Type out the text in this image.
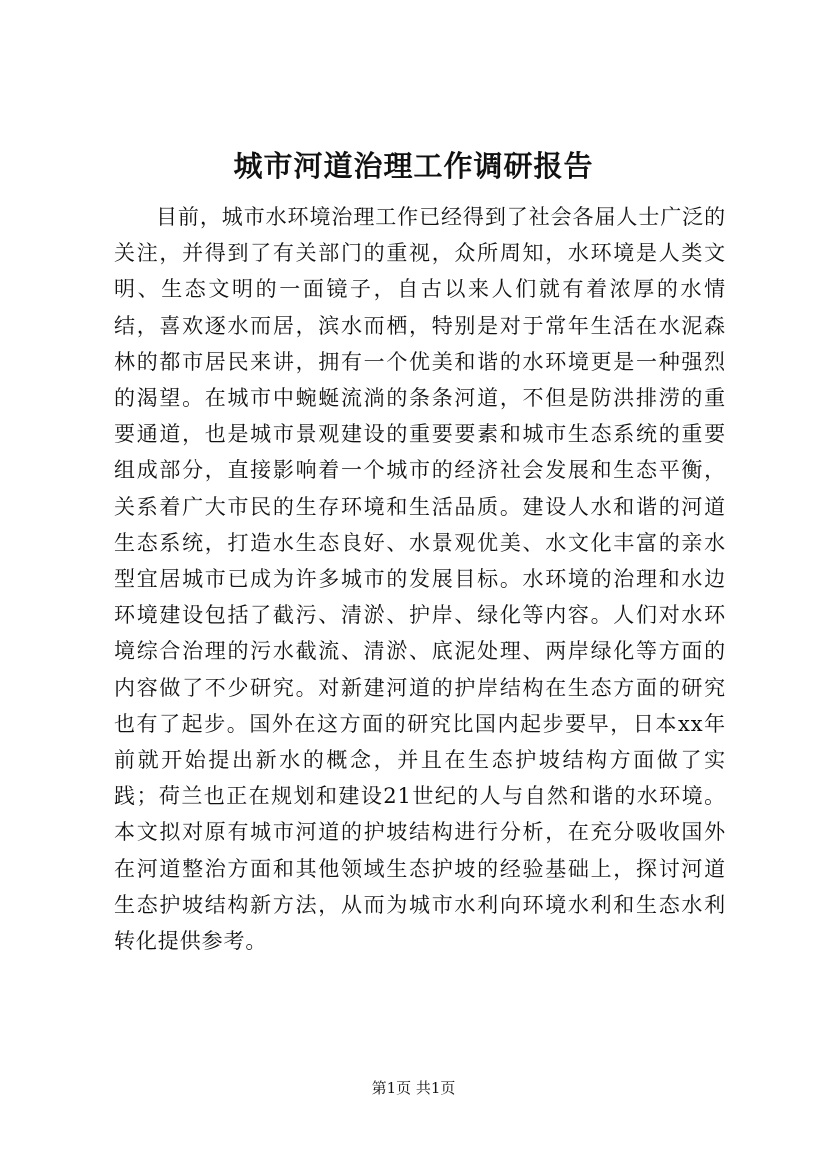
城市河道治理工作调研报告

目前，城市水环境治理工作已经得到了社会各届人士广泛的关注，并得到了有关部门的重视，众所周知，水环境是人类文明、生态文明的一面镜子，自古以来人们就有着浓厚的水情结，喜欢逐水而居，滨水而栖，特别是对于常年生活在水泥森林的都市居民来讲，拥有一个优美和谐的水环境更是一种强烈的渴望。在城市中蜿蜒流淌的条条河道，不但是防洪排涝的重要通道，也是城市景观建设的重要要素和城市生态系统的重要组成部分，直接影响着一个城市的经济社会发展和生态平衡，关系着广大市民的生存环境和生活品质。建设人水和谐的河道生态系统，打造水生态良好、水景观优美、水文化丰富的亲水型宜居城市已成为许多城市的发展目标。水环境的治理和水边环境建设包括了截污、清淤、护岸、绿化等内容。人们对水环境综合治理的污水截流、清淤、底泥处理、两岸绿化等方面的内容做了不少研究。对新建河道的护岸结构在生态方面的研究也有了起步。国外在这方面的研究比国内起步要早，日本xx年前就开始提出新水的概念，并且在生态护坡结构方面做了实践；荷兰也正在规划和建设21世纪的人与自然和谐的水环境。本文拟对原有城市河道的护坡结构进行分析，在充分吸收国外在河道整治方面和其他领域生态护坡的经验基础上，探讨河道生态护坡结构新方法，从而为城市水利向环境水利和生态水利转化提供参考。

第1页 共1页
